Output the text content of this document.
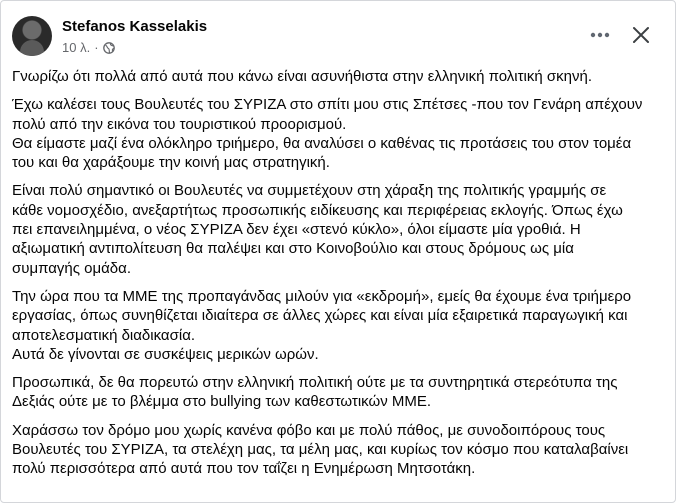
Stefanos Kasselakis
10 λ. ·

Γνωρίζω ότι πολλά από αυτά που κάνω είναι ασυνήθιστα στην ελληνική πολιτική σκηνή.

Έχω καλέσει τους Βουλευτές του ΣΥΡΙΖΑ στο σπίτι μου στις Σπέτσες -που τον Γενάρη απέχουν
πολύ από την εικόνα του τουριστικού προορισμού.
Θα είμαστε μαζί ένα ολόκληρο τριήμερο, θα αναλύσει ο καθένας τις προτάσεις του στον τομέα
του και θα χαράξουμε την κοινή μας στρατηγική.

Είναι πολύ σημαντικό οι Βουλευτές να συμμετέχουν στη χάραξη της πολιτικής γραμμής σε
κάθε νομοσχέδιο, ανεξαρτήτως προσωπικής ειδίκευσης και περιφέρειας εκλογής. Όπως έχω
πει επανειλημμένα, ο νέος ΣΥΡΙΖΑ δεν έχει «στενό κύκλο», όλοι είμαστε μία γροθιά. Η
αξιωματική αντιπολίτευση θα παλέψει και στο Κοινοβούλιο και στους δρόμους ως μία
συμπαγής ομάδα.

Την ώρα που τα ΜΜΕ της προπαγάνδας μιλούν για «εκδρομή», εμείς θα έχουμε ένα τριήμερο
εργασίας, όπως συνηθίζεται ιδιαίτερα σε άλλες χώρες και είναι μία εξαιρετικά παραγωγική και
αποτελεσματική διαδικασία.
Αυτά δε γίνονται σε συσκέψεις μερικών ωρών.

Προσωπικά, δε θα πορευτώ στην ελληνική πολιτική ούτε με τα συντηρητικά στερεότυπα της
Δεξιάς ούτε με το βλέμμα στο bullying των καθεστωτικών ΜΜΕ.

Χαράσσω τον δρόμο μου χωρίς κανένα φόβο και με πολύ πάθος, με συνοδοιπόρους τους
Βουλευτές του ΣΥΡΙΖΑ, τα στελέχη μας, τα μέλη μας, και κυρίως τον κόσμο που καταλαβαίνει
πολύ περισσότερα από αυτά που τον ταΐζει η Ενημέρωση Μητσοτάκη.
